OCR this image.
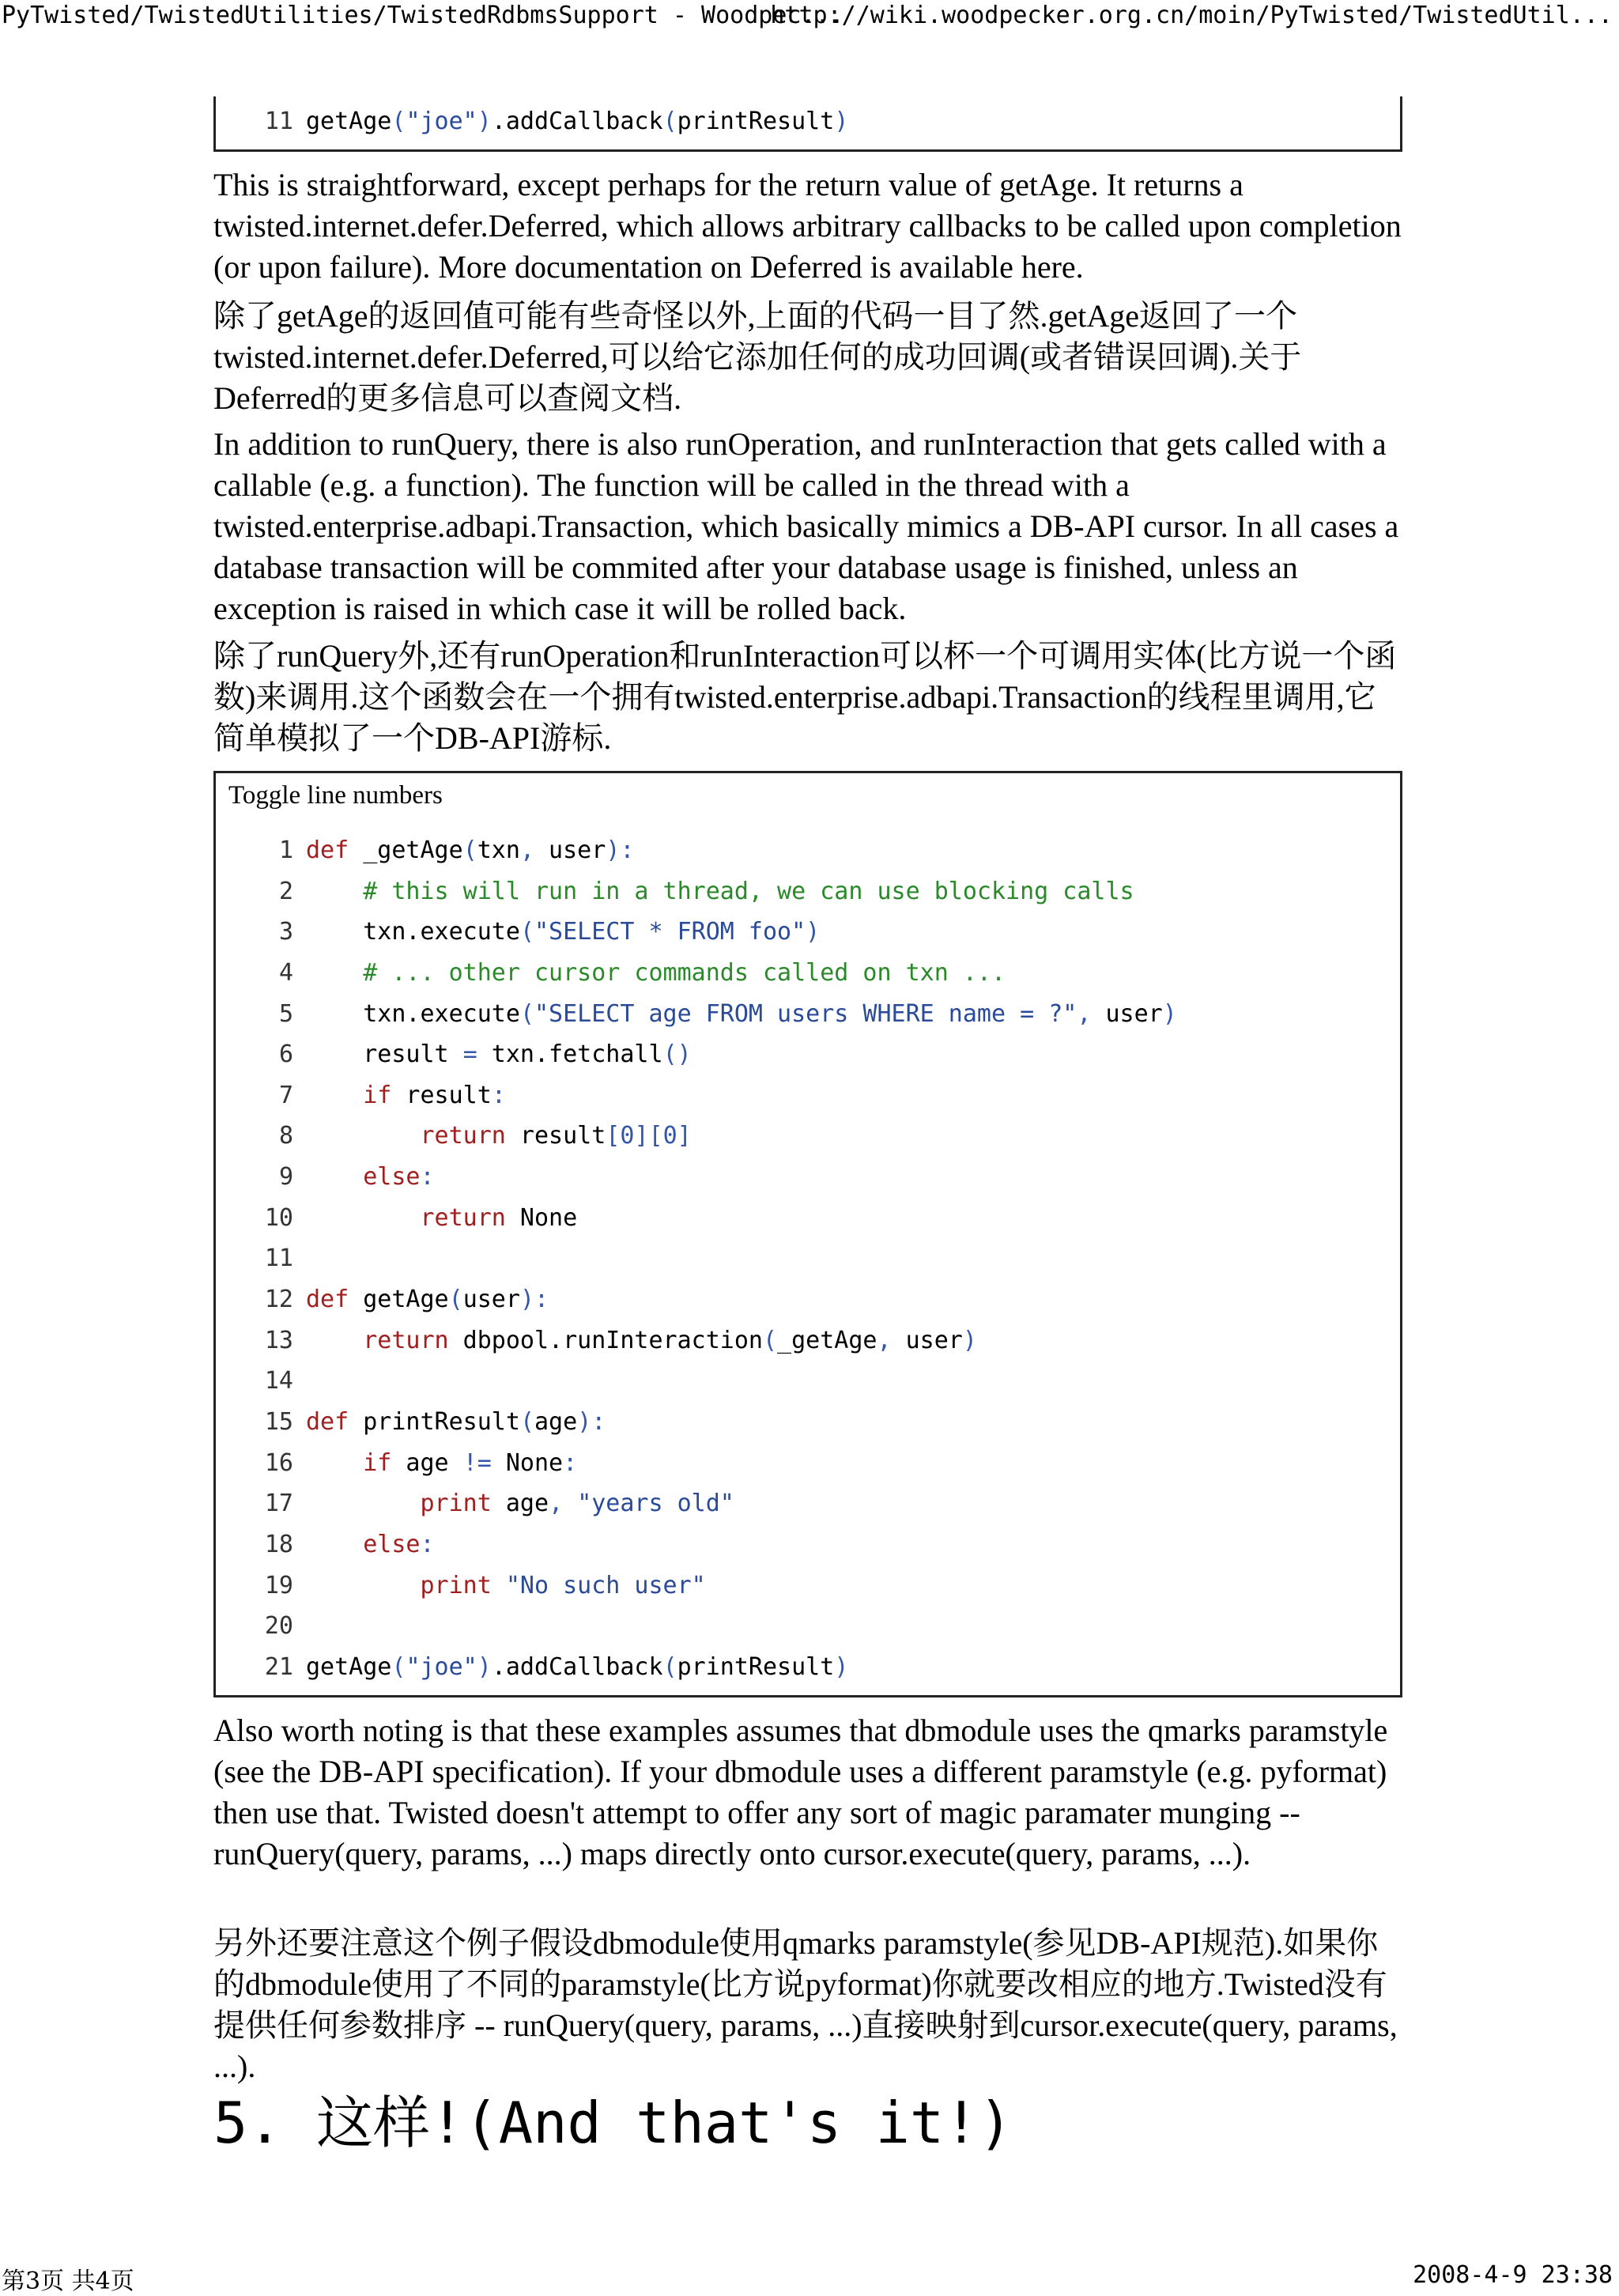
PyTwisted/TwistedUtilities/TwistedRdbmsSupport - Woodpec...
http://wiki.woodpecker.org.cn/moin/PyTwisted/TwistedUtil...
11 getAge("joe").addCallback(printResult)

This is straightforward, except perhaps for the return value of getAge. It returns a twisted.internet.defer.Deferred, which allows arbitrary callbacks to be called upon completion (or upon failure). More documentation on Deferred is available here.

除了getAge的返回值可能有些奇怪以外,上面的代码一目了然.getAge返回了一个twisted.internet.defer.Deferred,可以给它添加任何的成功回调(或者错误回调).关于Deferred的更多信息可以查阅文档.

In addition to runQuery, there is also runOperation, and runInteraction that gets called with a callable (e.g. a function). The function will be called in the thread with a twisted.enterprise.adbapi.Transaction, which basically mimics a DB-API cursor. In all cases a database transaction will be commited after your database usage is finished, unless an exception is raised in which case it will be rolled back.

除了runQuery外,还有runOperation和runInteraction可以杯一个可调用实体(比方说一个函数)来调用.这个函数会在一个拥有twisted.enterprise.adbapi.Transaction的线程里调用,它简单模拟了一个DB-API游标.

Toggle line numbers
1 def _getAge(txn, user):
2	# this will run in a thread, we can use blocking calls
3    txn.execute("SELECT * FROM foo")
4	# ... other cursor commands called on txn ...
5    txn.execute("SELECT age FROM users WHERE name = ?", user)
6    result = txn.fetchall()
7	if result:
8	return result[0][0]
9	else:
10	return None
11
12 def getAge(user):
13	return dbpool.runInteraction(_getAge, user)
14
15 def printResult(age):
16	if age != None:
17	print age, "years old"
18	else:
19	print "No such user"
20
21 getAge("joe").addCallback(printResult)

Also worth noting is that these examples assumes that dbmodule uses the qmarks paramstyle (see the DB-API specification). If your dbmodule uses a different paramstyle (e.g. pyformat) then use that. Twisted doesn't attempt to offer any sort of magic paramater munging -- runQuery(query, params, ...) maps directly onto cursor.execute(query, params, ...).

另外还要注意这个例子假设dbmodule使用qmarks paramstyle(参见DB-API规范).如果你的dbmodule使用了不同的paramstyle(比方说pyformat)你就要改相应的地方.Twisted没有提供任何参数排序 -- runQuery(query, params, ...)直接映射到cursor.execute(query, params, ...).

5. 这样!(And that's it!)
第3页 共4页	2008-4-9 23:38
